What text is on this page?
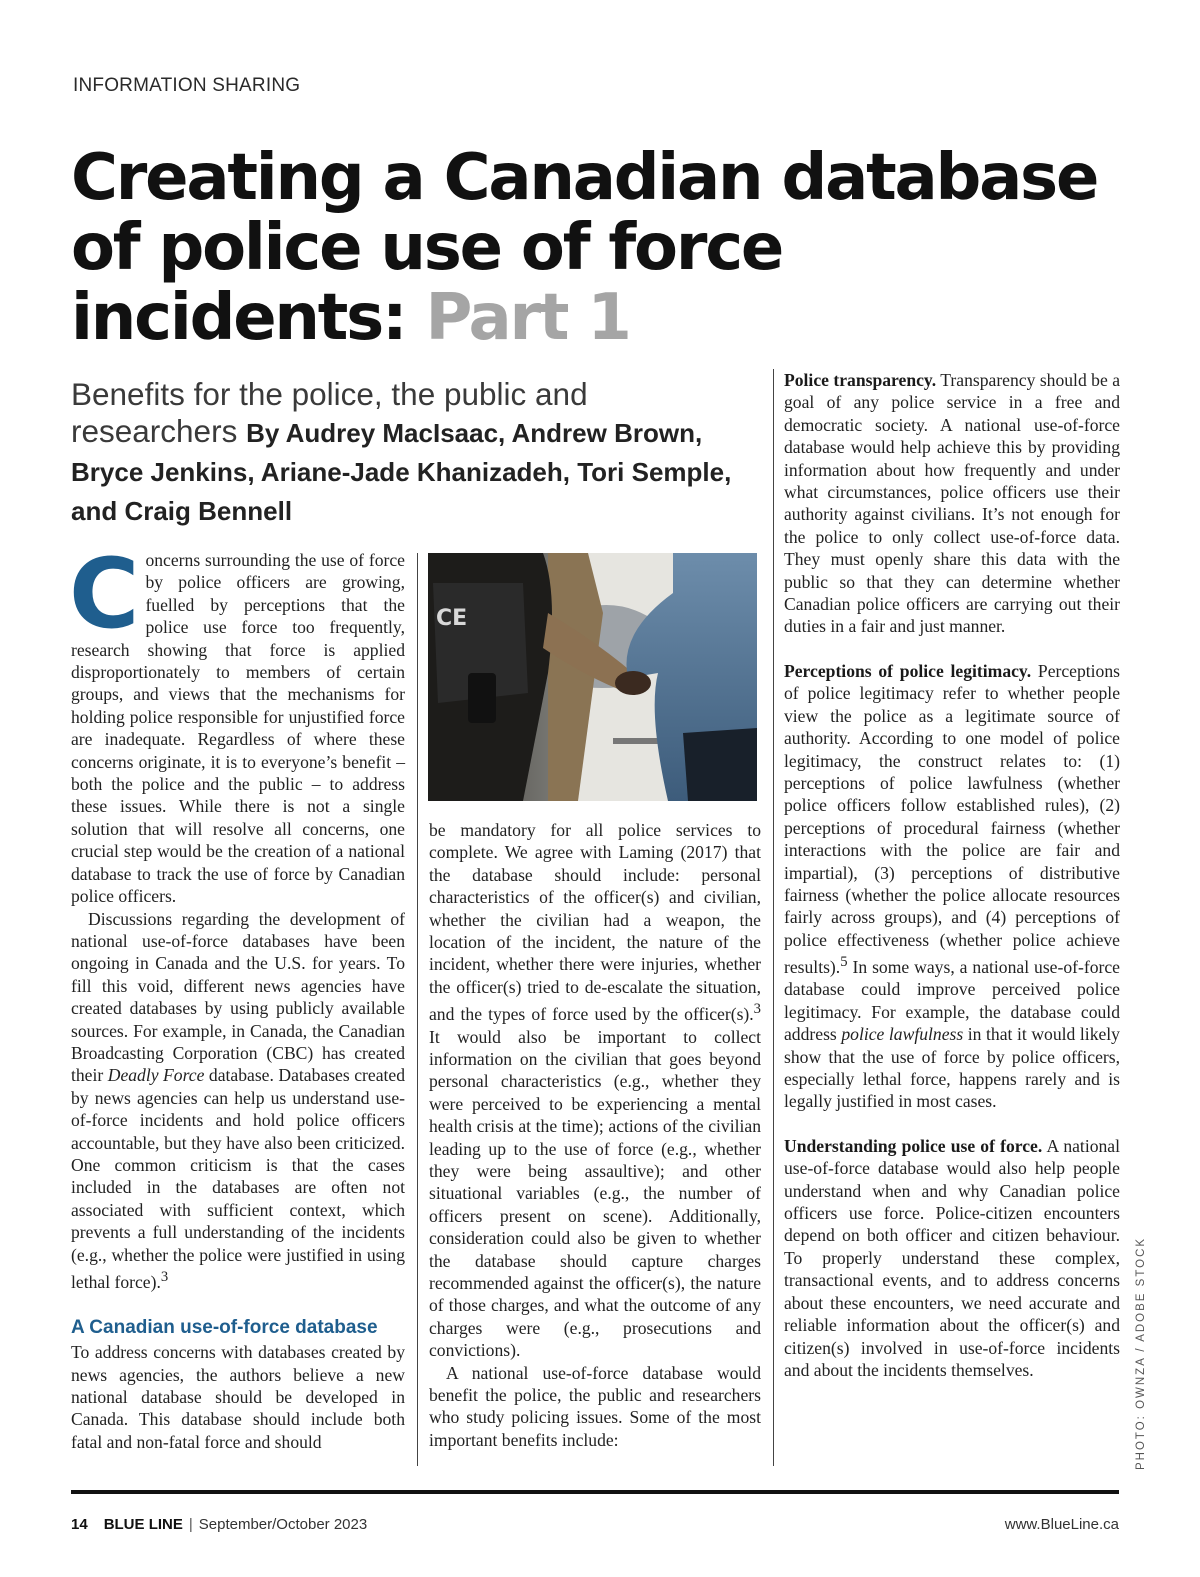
INFORMATION SHARING
Creating a Canadian database of police use of force incidents: Part 1
Benefits for the police, the public and researchers By Audrey MacIsaac, Andrew Brown, Bryce Jenkins, Ariane-Jade Khanizadeh, Tori Semple, and Craig Bennell

Concerns surrounding the use of force by police officers are growing, fuelled by perceptions that the police use force too frequently, research showing that force is applied disproportionately to members of certain groups, and views that the mechanisms for holding police responsible for unjustified force are inadequate. Regardless of where these concerns originate, it is to everyone’s benefit – both the police and the public – to address these issues. While there is not a single solution that will resolve all concerns, one crucial step would be the creation of a national database to track the use of force by Canadian police officers.

Discussions regarding the development of national use-of-force databases have been ongoing in Canada and the U.S. for years. To fill this void, different news agencies have created databases by using publicly available sources. For example, in Canada, the Canadian Broadcasting Corporation (CBC) has created their Deadly Force database. Databases created by news agencies can help us understand use-of-force incidents and hold police officers accountable, but they have also been criticized. One common criticism is that the cases included in the databases are often not associated with sufficient context, which prevents a full understanding of the incidents (e.g., whether the police were justified in using lethal force).$^3$

A Canadian use-of-force database

To address concerns with databases created by news agencies, the authors believe a new national database should be developed in Canada. This database should include both fatal and non-fatal force and should

CE

be mandatory for all police services to complete. We agree with Laming (2017) that the database should include: personal characteristics of the officer(s) and civilian, whether the civilian had a weapon, the location of the incident, the nature of the incident, whether there were injuries, whether the officer(s) tried to de-escalate the situation, and the types of force used by the officer(s).$^3$ It would also be important to collect information on the civilian that goes beyond personal characteristics (e.g., whether they were perceived to be experiencing a mental health crisis at the time); actions of the civilian leading up to the use of force (e.g., whether they were being assaultive); and other situational variables (e.g., the number of officers present on scene). Additionally, consideration could also be given to whether the database should capture charges recommended against the officer(s), the nature of those charges, and what the outcome of any charges were (e.g., prosecutions and convictions).

A national use-of-force database would benefit the police, the public and researchers who study policing issues. Some of the most important benefits include:

Police transparency. Transparency should be a goal of any police service in a free and democratic society. A national use-of-force database would help achieve this by providing information about how frequently and under what circumstances, police officers use their authority against civilians. It’s not enough for the police to only collect use-of-force data. They must openly share this data with the public so that they can determine whether Canadian police officers are carrying out their duties in a fair and just manner.

Perceptions of police legitimacy. Perceptions of police legitimacy refer to whether people view the police as a legitimate source of authority. According to one model of police legitimacy, the construct relates to: (1) perceptions of police lawfulness (whether police officers follow established rules), (2) perceptions of procedural fairness (whether interactions with the police are fair and impartial), (3) perceptions of distributive fairness (whether the police allocate resources fairly across groups), and (4) perceptions of police effectiveness (whether police achieve results).$^5$ In some ways, a national use-of-force database could improve perceived police legitimacy. For example, the database could address police lawfulness in that it would likely show that the use of force by police officers, especially lethal force, happens rarely and is legally justified in most cases.

Understanding police use of force. A national use-of-force database would also help people understand when and why Canadian police officers use force. Police-citizen encounters depend on both officer and citizen behaviour. To properly understand these complex, transactional events, and to address concerns about these encounters, we need accurate and reliable information about the officer(s) and citizen(s) involved in use-of-force incidents and about the incidents themselves.	PHOTO: OWNZA / ADOBE STOCK
14 BLUE LINE | September/October 2023	www.BlueLine.ca
